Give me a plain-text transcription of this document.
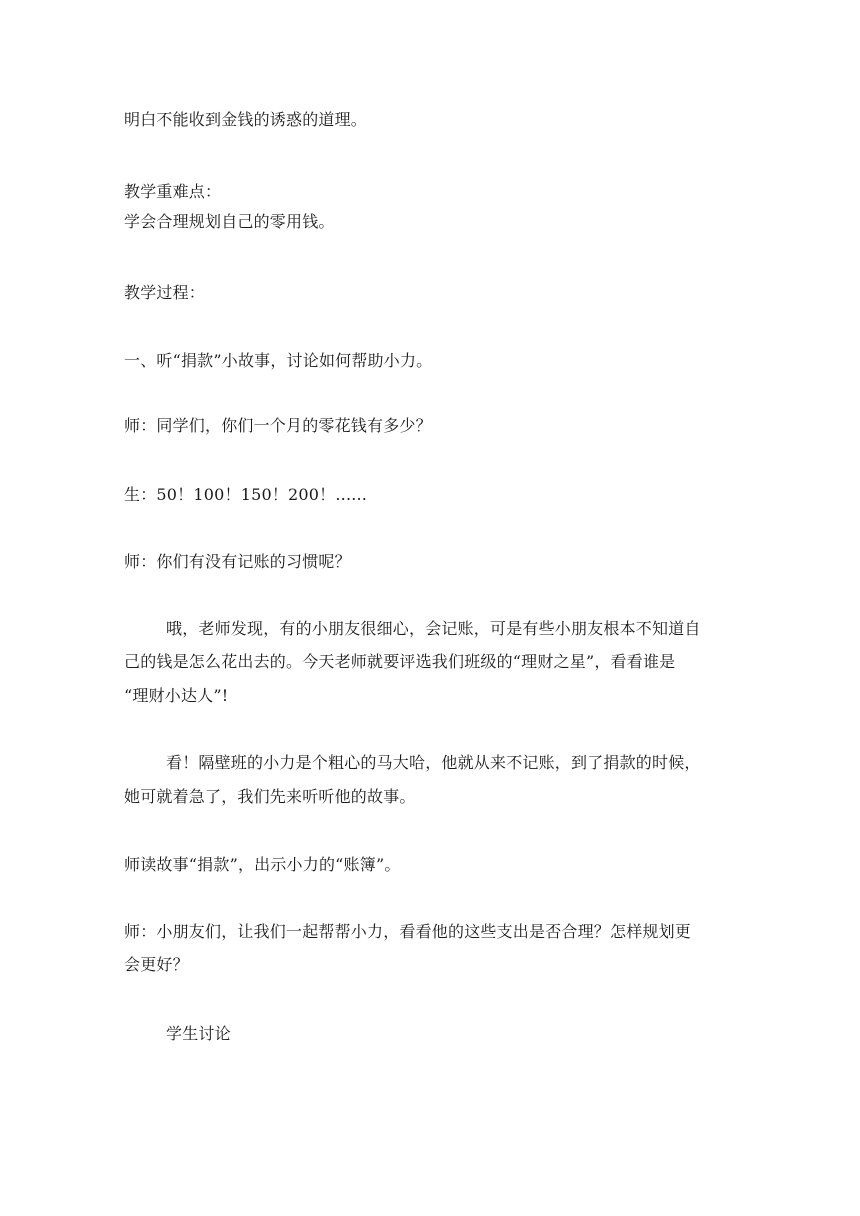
明白不能收到金钱的诱惑的道理。

教学重难点：

学会合理规划自己的零用钱。

教学过程：

一、听“捐款”小故事，讨论如何帮助小力。

师：同学们，你们一个月的零花钱有多少？

生：50！100！150！200！......

师：你们有没有记账的习惯呢？

哦，老师发现，有的小朋友很细心，会记账，可是有些小朋友根本不知道自

己的钱是怎么花出去的。今天老师就要评选我们班级的“理财之星”，看看谁是

“理财小达人”!

看！隔壁班的小力是个粗心的马大哈，他就从来不记账，到了捐款的时候，

她可就着急了，我们先来听听他的故事。

师读故事“捐款”，出示小力的“账簿”。

师：小朋友们，让我们一起帮帮小力，看看他的这些支出是否合理？怎样规划更

会更好？

学生讨论
